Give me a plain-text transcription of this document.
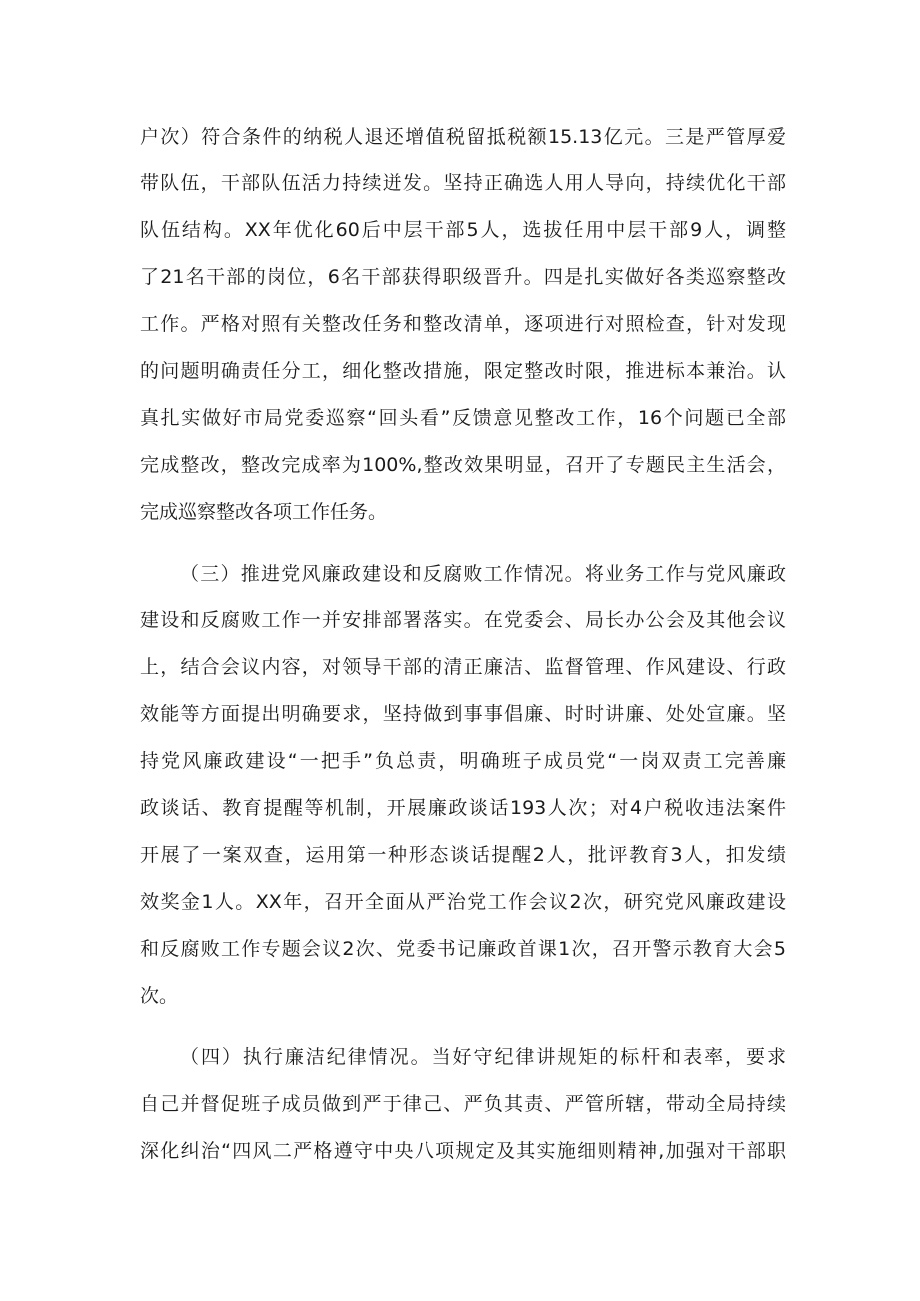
户次）符合条件的纳税人退还增值税留抵税额15.13亿元。三是严管厚爱
带队伍，干部队伍活力持续迸发。坚持正确选人用人导向，持续优化干部
队伍结构。XX年优化60后中层干部5人，选拔任用中层干部9人，调整
了21名干部的岗位，6名干部获得职级晋升。四是扎实做好各类巡察整改
工作。严格对照有关整改任务和整改清单，逐项进行对照检查，针对发现
的问题明确责任分工，细化整改措施，限定整改时限，推进标本兼治。认
真扎实做好市局党委巡察“回头看”反馈意见整改工作，16个问题已全部
完成整改，整改完成率为100%,整改效果明显，召开了专题民主生活会，
完成巡察整改各项工作任务。
（三）推进党风廉政建设和反腐败工作情况。将业务工作与党风廉政
建设和反腐败工作一并安排部署落实。在党委会、局长办公会及其他会议
上，结合会议内容，对领导干部的清正廉洁、监督管理、作风建设、行政
效能等方面提出明确要求，坚持做到事事倡廉、时时讲廉、处处宣廉。坚
持党风廉政建设“一把手”负总责，明确班子成员党“一岗双责工完善廉
政谈话、教育提醒等机制，开展廉政谈话193人次；对4户税收违法案件
开展了一案双查，运用第一种形态谈话提醒2人，批评教育3人，扣发绩
效奖金1人。XX年，召开全面从严治党工作会议2次，研究党风廉政建设
和反腐败工作专题会议2次、党委书记廉政首课1次，召开警示教育大会5
次。
（四）执行廉洁纪律情况。当好守纪律讲规矩的标杆和表率，要求
自己并督促班子成员做到严于律己、严负其责、严管所辖，带动全局持续
深化纠治“四风二严格遵守中央八项规定及其实施细则精神,加强对干部职
